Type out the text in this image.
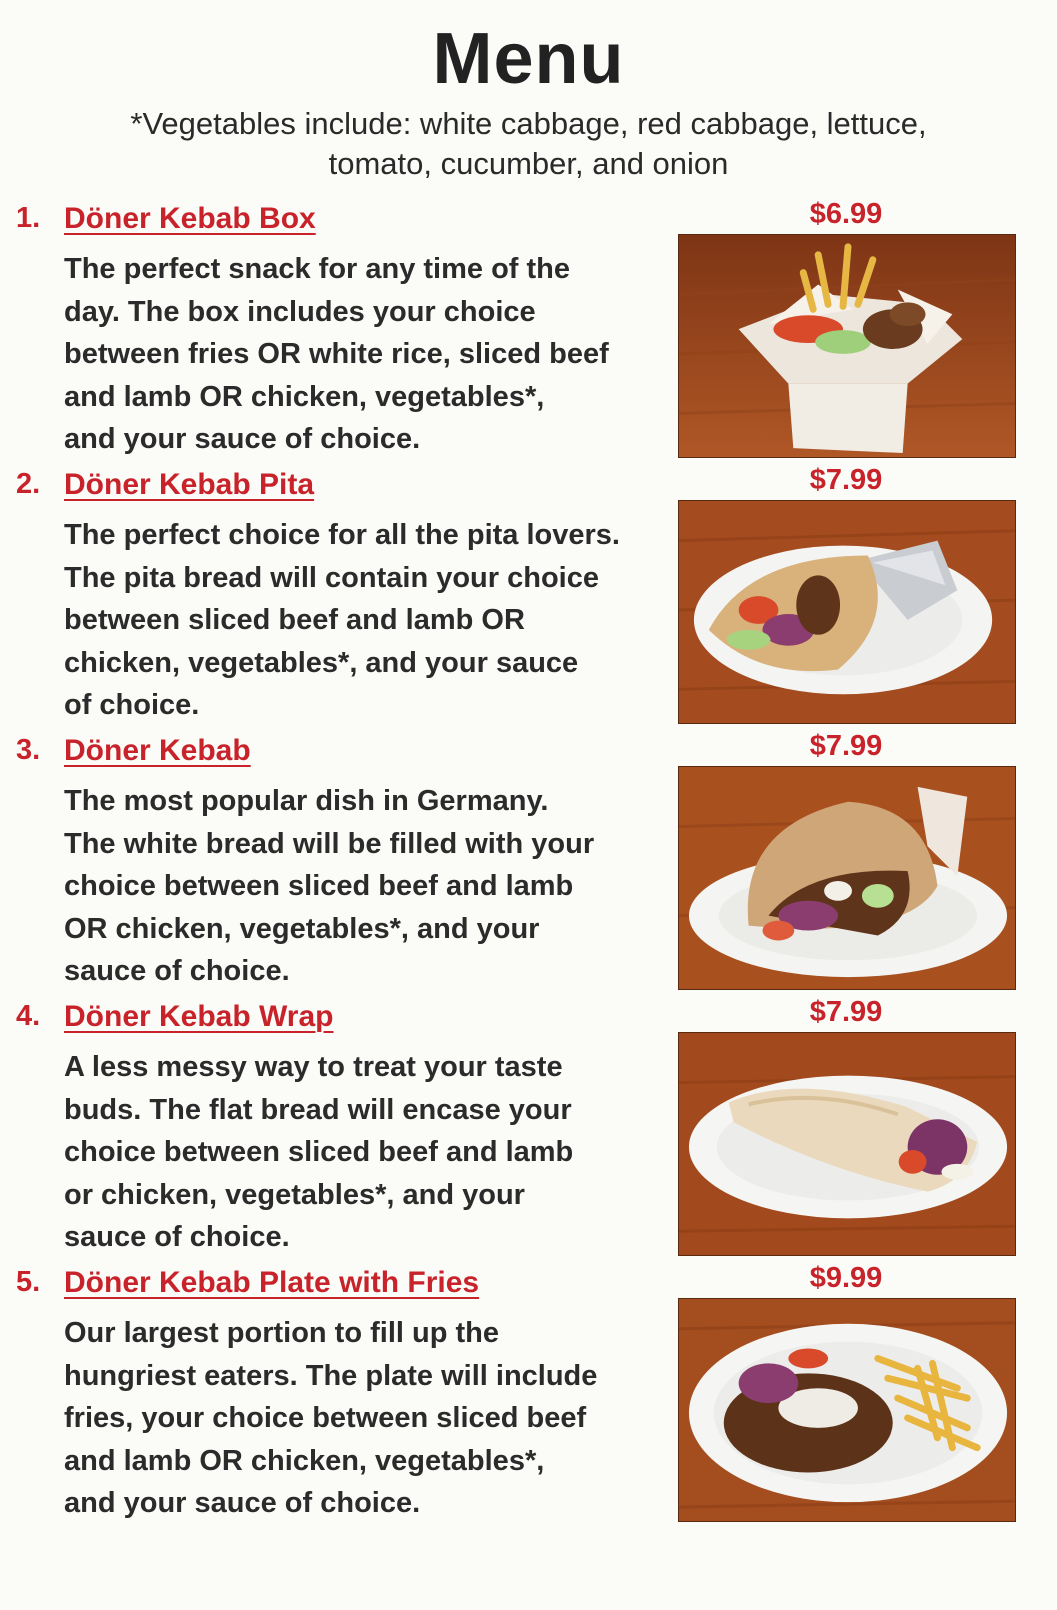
Menu
*Vegetables include: white cabbage, red cabbage, lettuce,
tomato, cucumber, and onion
1. Döner Kebab Box
The perfect snack for any time of the
day. The box includes your choice
between fries OR white rice, sliced beef
and lamb OR chicken, vegetables*,
and your sauce of choice.
$6.99
2. Döner Kebab Pita
The perfect choice for all the pita lovers.
The pita bread will contain your choice
between sliced beef and lamb OR
chicken, vegetables*, and your sauce
of choice.
$7.99
3. Döner Kebab
The most popular dish in Germany.
The white bread will be filled with your
choice between sliced beef and lamb
OR chicken, vegetables*, and your
sauce of choice.
$7.99
4. Döner Kebab Wrap
A less messy way to treat your taste
buds. The flat bread will encase your
choice between sliced beef and lamb
or chicken, vegetables*, and your
sauce of choice.
$7.99
5. Döner Kebab Plate with Fries
Our largest portion to fill up the
hungriest eaters. The plate will include
fries, your choice between sliced beef
and lamb OR chicken, vegetables*,
and your sauce of choice.
$9.99
